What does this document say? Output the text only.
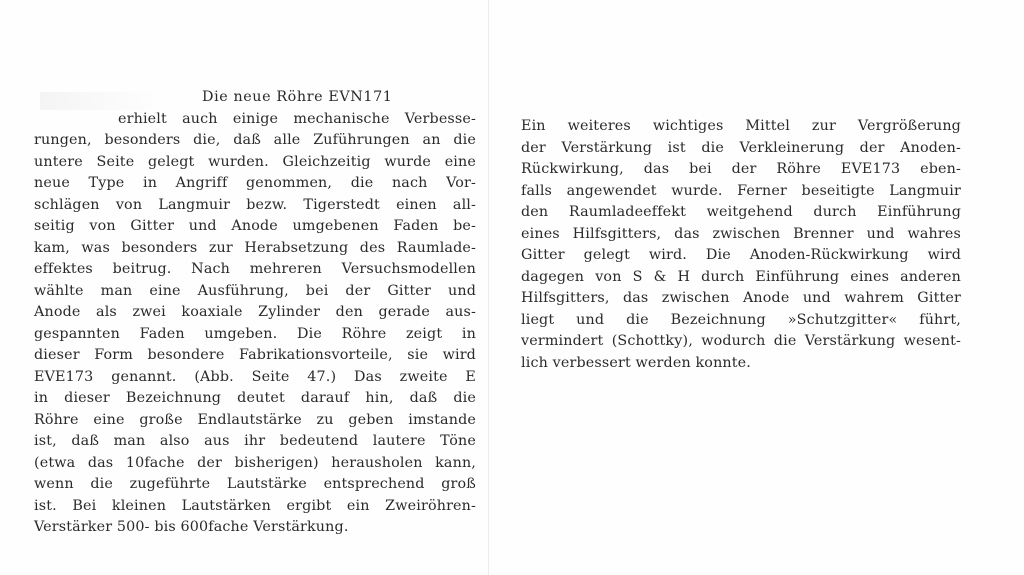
Die neue Röhre EVN171
erhielt auch einige mechanische Verbesse-
rungen, besonders die, daß alle Zuführungen an die
untere Seite gelegt wurden. Gleichzeitig wurde eine
neue Type in Angriff genommen, die nach Vor-
schlägen von Langmuir bezw. Tigerstedt einen all-
seitig von Gitter und Anode umgebenen Faden be-
kam, was besonders zur Herabsetzung des Raumlade-
effektes beitrug. Nach mehreren Versuchsmodellen
wählte man eine Ausführung, bei der Gitter und
Anode als zwei koaxiale Zylinder den gerade aus-
gespannten Faden umgeben. Die Röhre zeigt in
dieser Form besondere Fabrikationsvorteile, sie wird
EVE173 genannt. (Abb. Seite 47.) Das zweite E
in dieser Bezeichnung deutet darauf hin, daß die
Röhre eine große Endlautstärke zu geben imstande
ist, daß man also aus ihr bedeutend lautere Töne
(etwa das 10fache der bisherigen) herausholen kann,
wenn die zugeführte Lautstärke entsprechend groß
ist. Bei kleinen Lautstärken ergibt ein Zweiröhren-
Verstärker 500- bis 600fache Verstärkung.
Ein weiteres wichtiges Mittel zur Vergrößerung
der Verstärkung ist die Verkleinerung der Anoden-
Rückwirkung, das bei der Röhre EVE173 eben-
falls angewendet wurde. Ferner beseitigte Langmuir
den Raumladeeffekt weitgehend durch Einführung
eines Hilfsgitters, das zwischen Brenner und wahres
Gitter gelegt wird. Die Anoden-Rückwirkung wird
dagegen von S & H durch Einführung eines anderen
Hilfsgitters, das zwischen Anode und wahrem Gitter
liegt und die Bezeichnung »Schutzgitter« führt,
vermindert (Schottky), wodurch die Verstärkung wesent-
lich verbessert werden konnte.
